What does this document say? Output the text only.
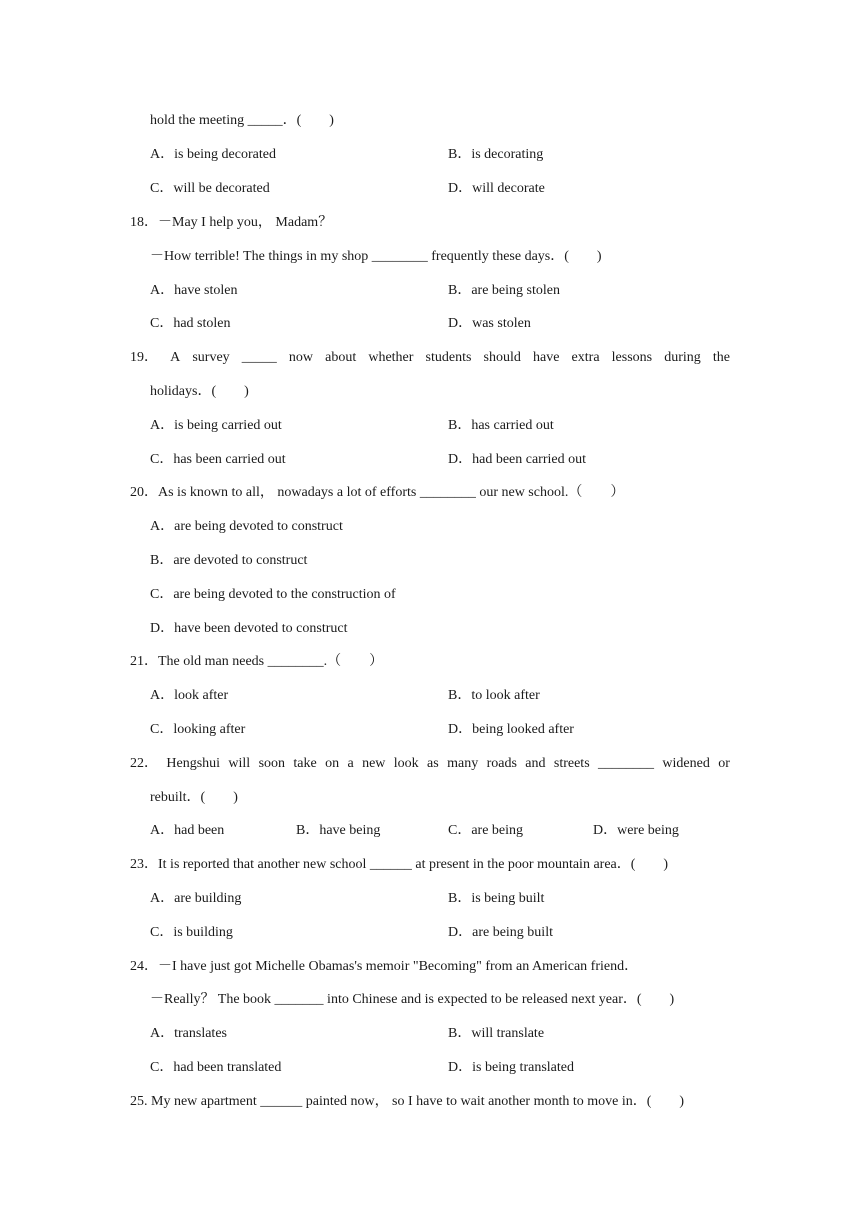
hold the meeting _____．(　　)
A．is being decorated	B．is decorating
C．will be decorated	D．will decorate
18．－May I help you， Madam？
－How terrible! The things in my shop ________ frequently these days．(　　)
A．have stolen	B．are being stolen
C．had stolen	D．was stolen
19． A survey _____ now about whether students should have extra lessons during the
holidays．(　　)
A．is being carried out	B．has carried out
C．has been carried out	D．had been carried out
20．As is known to all， nowadays a lot of efforts ________ our new school.（　　）
A．are being devoted to construct
B．are devoted to construct
C．are being devoted to the construction of
D．have been devoted to construct
21．The old man needs ________.（　　）
A．look after	B．to look after
C．looking after	D．being looked after
22． Hengshui will soon take on a new look as many roads and streets ________ widened or
rebuilt．(　　)
A．had been	B．have being	C．are being	D．were being
23．It is reported that another new school ______ at present in the poor mountain area．(　　)
A．are building	B．is being built
C．is building	D．are being built
24．－I have just got Michelle Obamas's memoir "Becoming" from an American friend．
－Really？ The book _______ into Chinese and is expected to be released next year．(　　)
A．translates	B．will translate
C．had been translated	D．is being translated
25. My new apartment ______ painted now， so I have to wait another month to move in．(　　)
